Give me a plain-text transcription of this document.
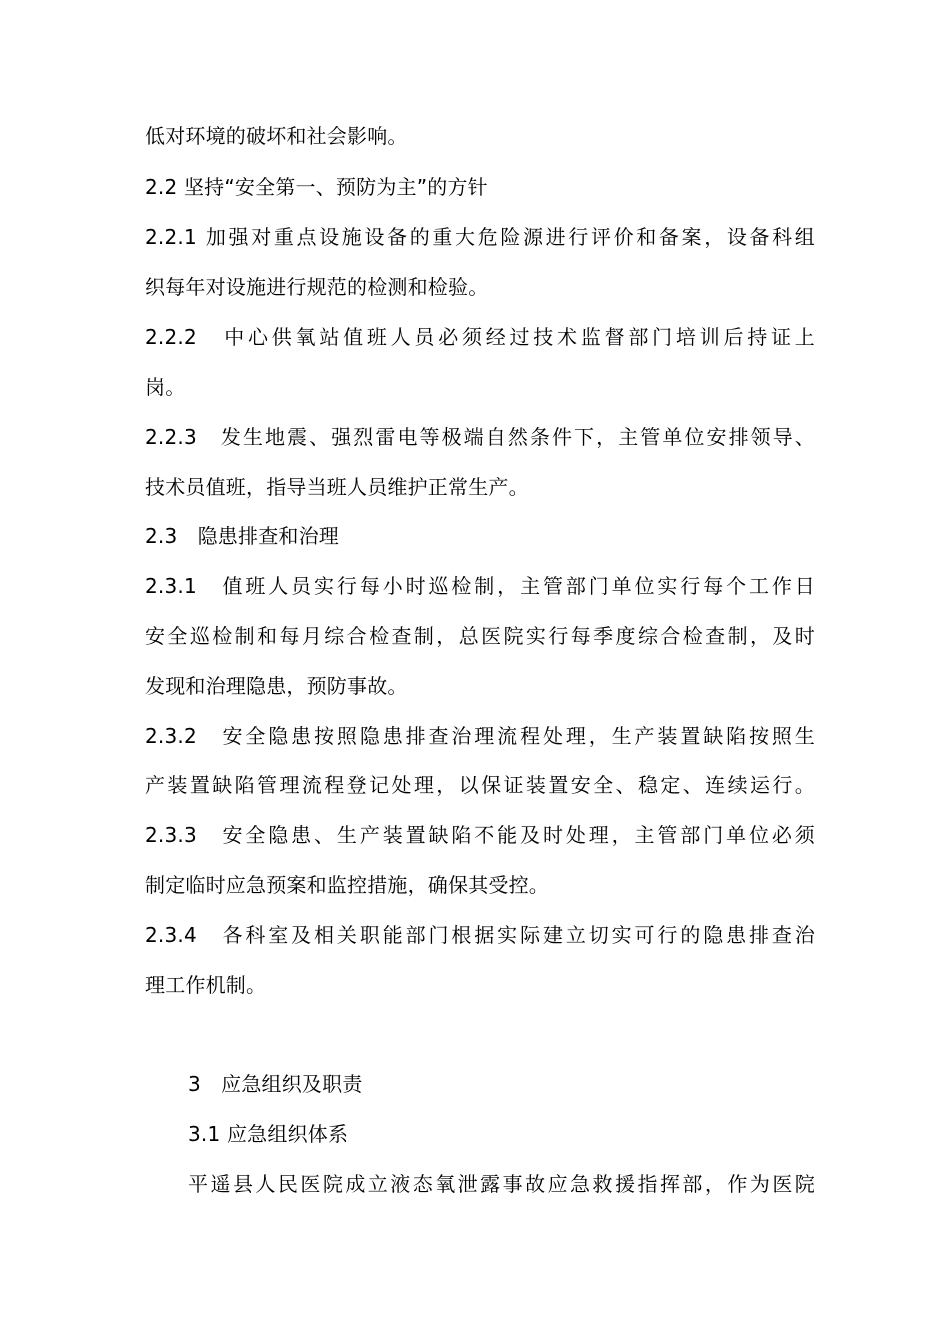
低对环境的破坏和社会影响。
2.2 坚持“安全第一、预防为主”的方针
2.2.1 加强对重点设施设备的重大危险源进行评价和备案，设备科组
织每年对设施进行规范的检测和检验。
2.2.2　中心供氧站值班人员必须经过技术监督部门培训后持证上
岗。
2.2.3　发生地震、强烈雷电等极端自然条件下，主管单位安排领导、
技术员值班，指导当班人员维护正常生产。
2.3　隐患排查和治理
2.3.1　值班人员实行每小时巡检制，主管部门单位实行每个工作日
安全巡检制和每月综合检查制，总医院实行每季度综合检查制，及时
发现和治理隐患，预防事故。
2.3.2　安全隐患按照隐患排查治理流程处理，生产装置缺陷按照生
产装置缺陷管理流程登记处理，以保证装置安全、稳定、连续运行。
2.3.3　安全隐患、生产装置缺陷不能及时处理，主管部门单位必须
制定临时应急预案和监控措施，确保其受控。
2.3.4　各科室及相关职能部门根据实际建立切实可行的隐患排查治
理工作机制。
3　应急组织及职责
3.1 应急组织体系
平遥县人民医院成立液态氧泄露事故应急救援指挥部，作为医院
